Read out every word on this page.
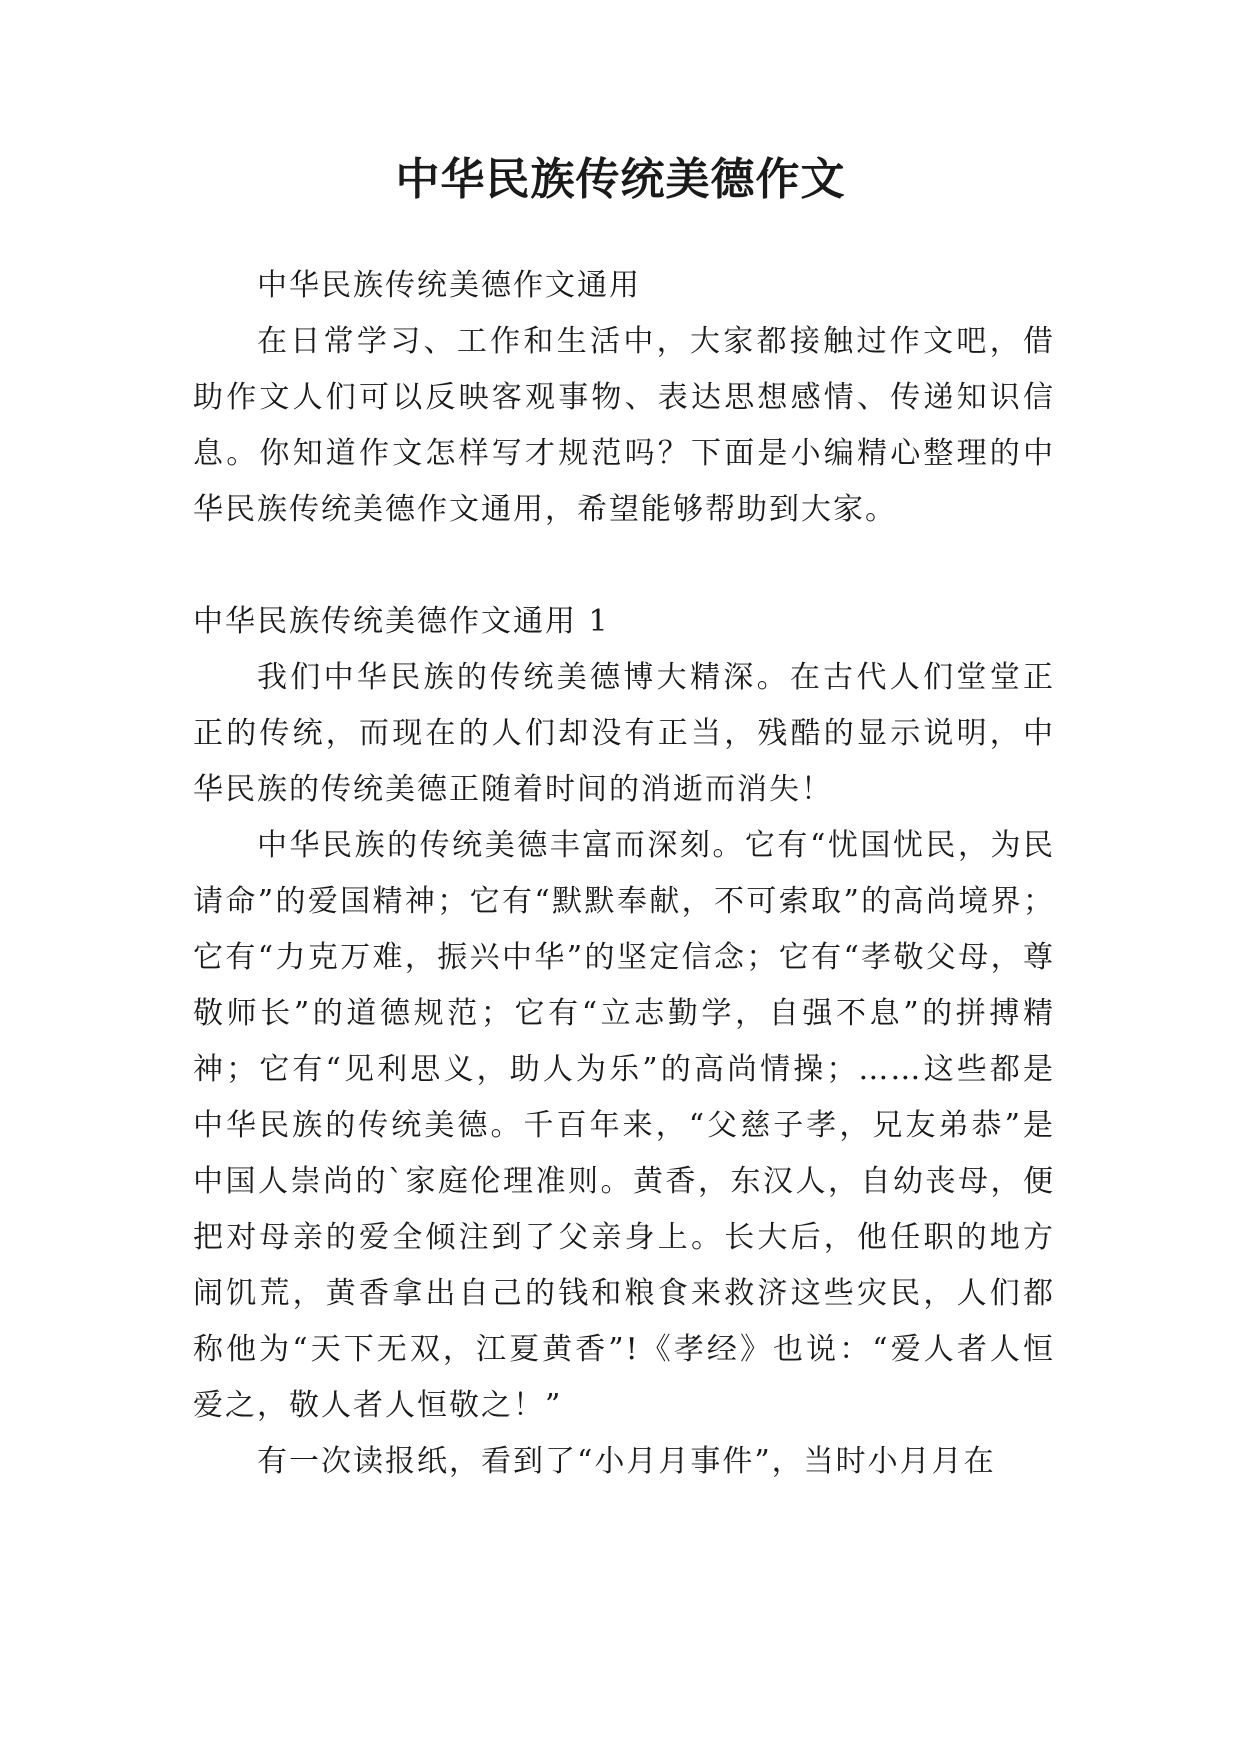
中华民族传统美德作文

中华民族传统美德作文通用

在日常学习、工作和生活中，大家都接触过作文吧，借助作文人们可以反映客观事物、表达思想感情、传递知识信息。你知道作文怎样写才规范吗？下面是小编精心整理的中华民族传统美德作文通用，希望能够帮助到大家。

中华民族传统美德作文通用 1

我们中华民族的传统美德博大精深。在古代人们堂堂正正的传统，而现在的人们却没有正当，残酷的显示说明，中华民族的传统美德正随着时间的消逝而消失！

中华民族的传统美德丰富而深刻。它有“忧国忧民，为民请命”的爱国精神；它有“默默奉献，不可索取”的高尚境界；它有“力克万难，振兴中华”的坚定信念；它有“孝敬父母，尊敬师长”的道德规范；它有“立志勤学，自强不息”的拼搏精神；它有“见利思义，助人为乐”的高尚情操；……这些都是中华民族的传统美德。千百年来，“父慈子孝，兄友弟恭”是中国人崇尚的`家庭伦理准则。黄香，东汉人，自幼丧母，便把对母亲的爱全倾注到了父亲身上。长大后，他任职的地方闹饥荒，黄香拿出自己的钱和粮食来救济这些灾民，人们都称他为“天下无双，江夏黄香”!《孝经》也说：“爱人者人恒爱之，敬人者人恒敬之！”

有一次读报纸，看到了“小月月事件”，当时小月月在
